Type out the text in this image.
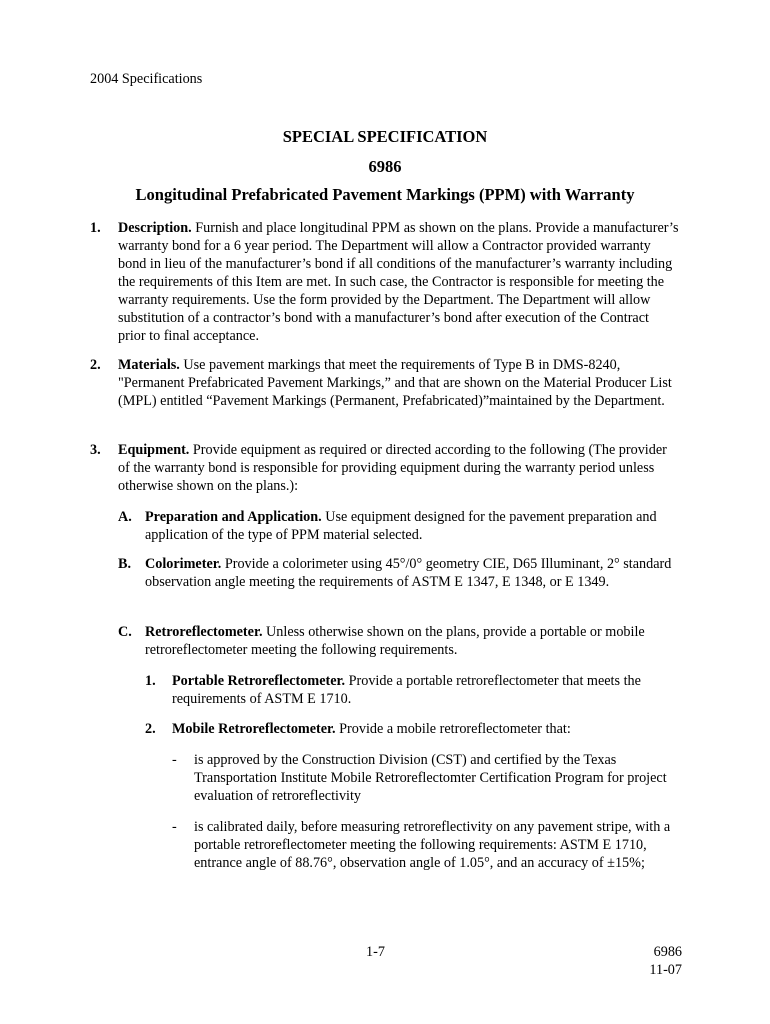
2004 Specifications
SPECIAL SPECIFICATION
6986
Longitudinal Prefabricated Pavement Markings (PPM) with Warranty
1. Description. Furnish and place longitudinal PPM as shown on the plans. Provide a manufacturer’s warranty bond for a 6 year period. The Department will allow a Contractor provided warranty bond in lieu of the manufacturer’s bond if all conditions of the manufacturer’s warranty including the requirements of this Item are met. In such case, the Contractor is responsible for meeting the warranty requirements. Use the form provided by the Department. The Department will allow substitution of a contractor’s bond with a manufacturer’s bond after execution of the Contract prior to final acceptance.
2. Materials. Use pavement markings that meet the requirements of Type B in DMS-8240, "Permanent Prefabricated Pavement Markings,” and that are shown on the Material Producer List (MPL) entitled “Pavement Markings (Permanent, Prefabricated)”maintained by the Department.
3. Equipment. Provide equipment as required or directed according to the following (The provider of the warranty bond is responsible for providing equipment during the warranty period unless otherwise shown on the plans.):
A. Preparation and Application. Use equipment designed for the pavement preparation and application of the type of PPM material selected.
B. Colorimeter. Provide a colorimeter using 45°/0° geometry CIE, D65 Illuminant, 2° standard observation angle meeting the requirements of ASTM E 1347, E 1348, or E 1349.
C. Retroreflectometer. Unless otherwise shown on the plans, provide a portable or mobile retroreflectometer meeting the following requirements.
1. Portable Retroreflectometer. Provide a portable retroreflectometer that meets the requirements of ASTM E 1710.
2. Mobile Retroreflectometer. Provide a mobile retroreflectometer that:
- is approved by the Construction Division (CST) and certified by the Texas Transportation Institute Mobile Retroreflectomter Certification Program for project evaluation of retroreflectivity
- is calibrated daily, before measuring retroreflectivity on any pavement stripe, with a portable retroreflectometer meeting the following requirements: ASTM E 1710, entrance angle of 88.76°, observation angle of 1.05°, and an accuracy of ±15%;
1-7	6986
11-07
